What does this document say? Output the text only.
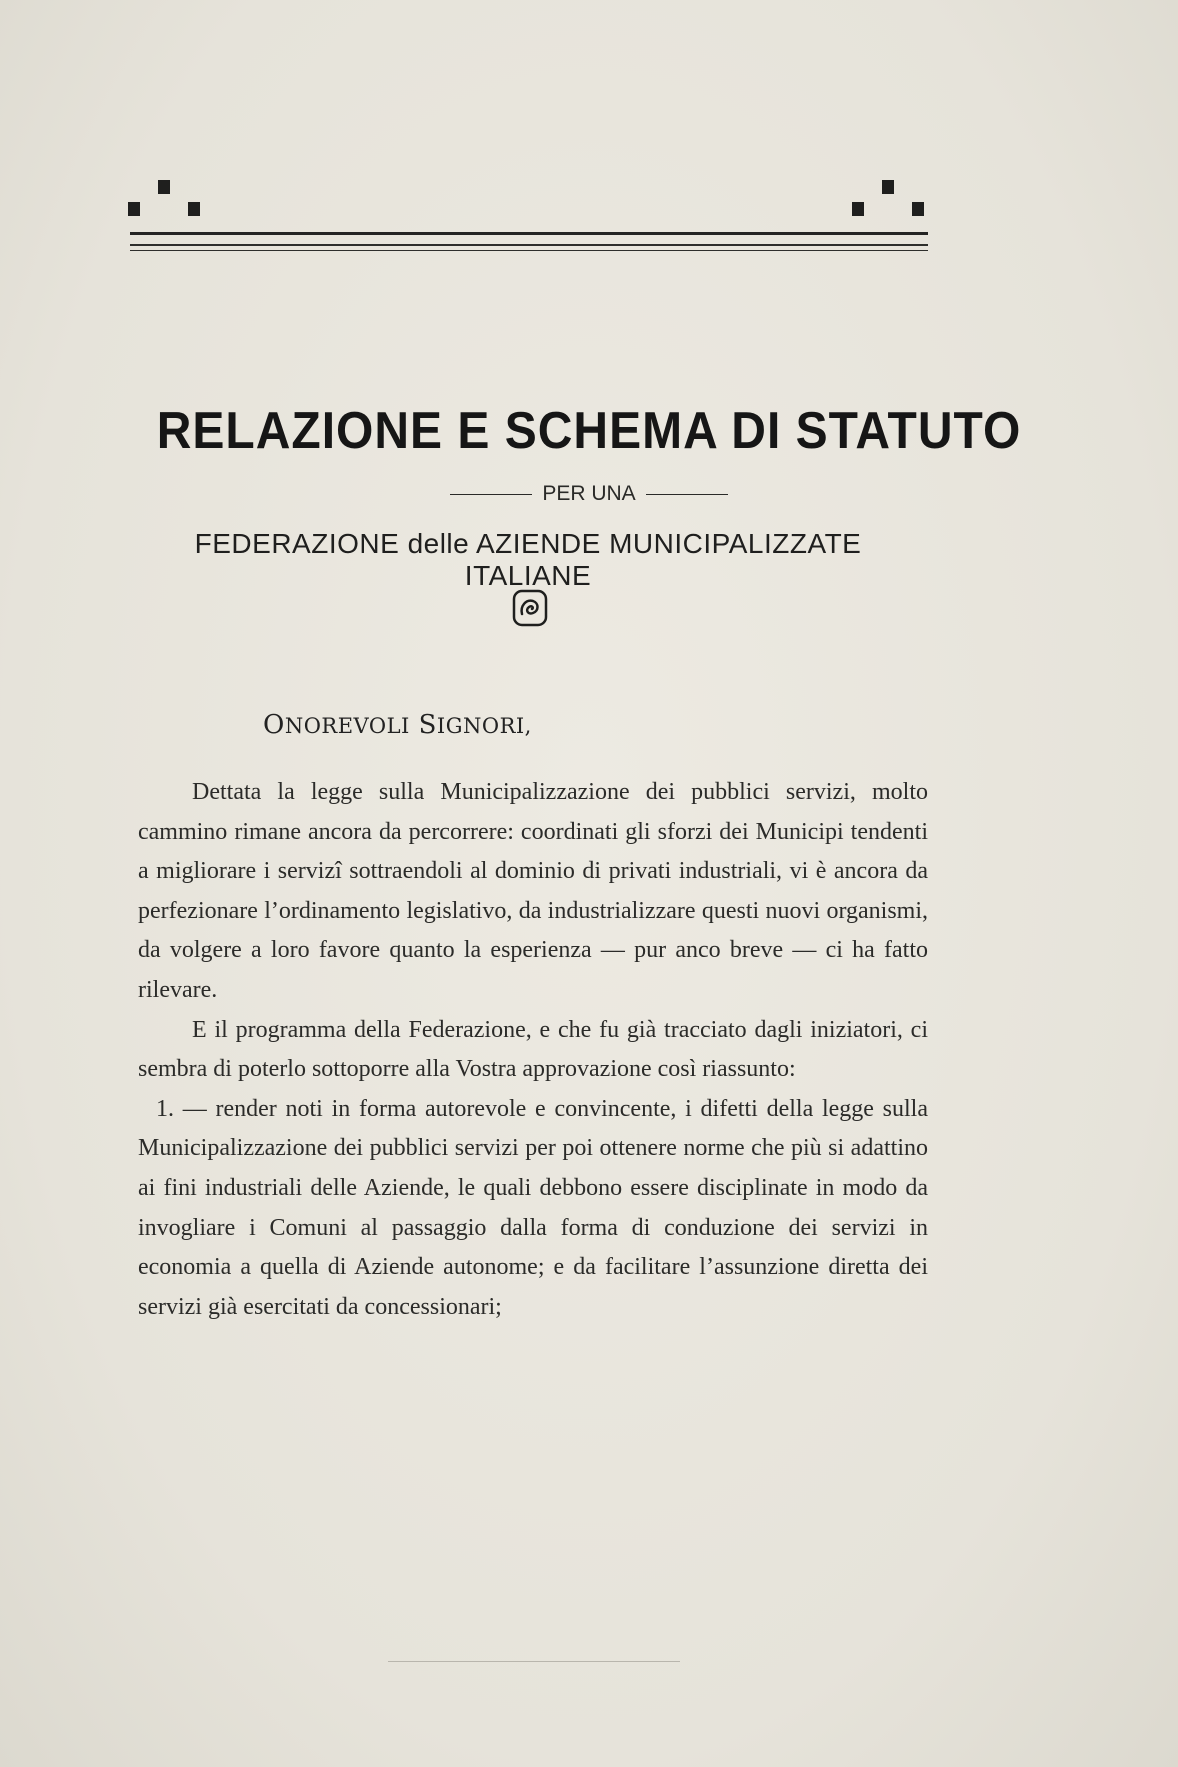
RELAZIONE E SCHEMA DI STATUTO
PER UNA
FEDERAZIONE delle AZIENDE MUNICIPALIZZATE ITALIANE
ONOREVOLI SIGNORI,

Dettata la legge sulla Municipalizzazione dei pubblici servizi, molto cammino rimane ancora da percorrere: coordinati gli sforzi dei Municipi tendenti a migliorare i servizî sottraendoli al dominio di privati industriali, vi è ancora da perfezionare l’ordinamento legislativo, da industrializzare questi nuovi organismi, da volgere a loro favore quanto la esperienza — pur anco breve — ci ha fatto rilevare.

E il programma della Federazione, e che fu già tracciato dagli iniziatori, ci sembra di poterlo sottoporre alla Vostra approvazione così riassunto:

1. — render noti in forma autorevole e convincente, i difetti della legge sulla Municipalizzazione dei pubblici servizi per poi ottenere norme che più si adattino ai fini industriali delle Aziende, le quali debbono essere disciplinate in modo da invogliare i Comuni al passaggio dalla forma di conduzione dei servizi in economia a quella di Aziende autonome; e da facilitare l’assunzione diretta dei servizi già esercitati da concessionari;
